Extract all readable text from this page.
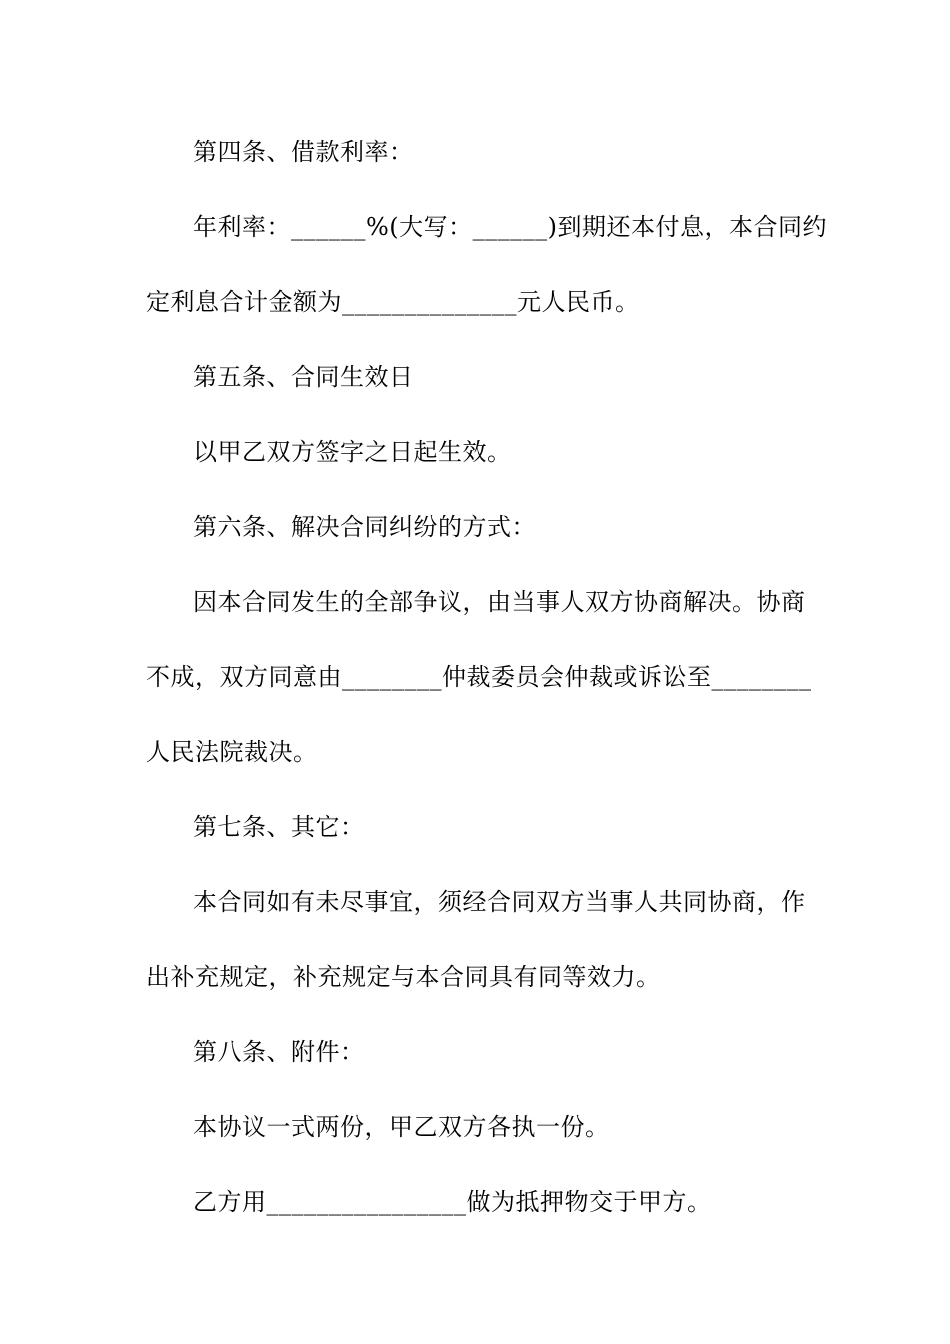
第四条、借款利率：
年利率：______%(大写：______)到期还本付息，本合同约
定利息合计金额为______________元人民币。
第五条、合同生效日
以甲乙双方签字之日起生效。
第六条、解决合同纠纷的方式：
因本合同发生的全部争议，由当事人双方协商解决。协商
不成，双方同意由________仲裁委员会仲裁或诉讼至________
人民法院裁决。
第七条、其它：
本合同如有未尽事宜，须经合同双方当事人共同协商，作
出补充规定，补充规定与本合同具有同等效力。
第八条、附件：
本协议一式两份，甲乙双方各执一份。
乙方用________________做为抵押物交于甲方。
